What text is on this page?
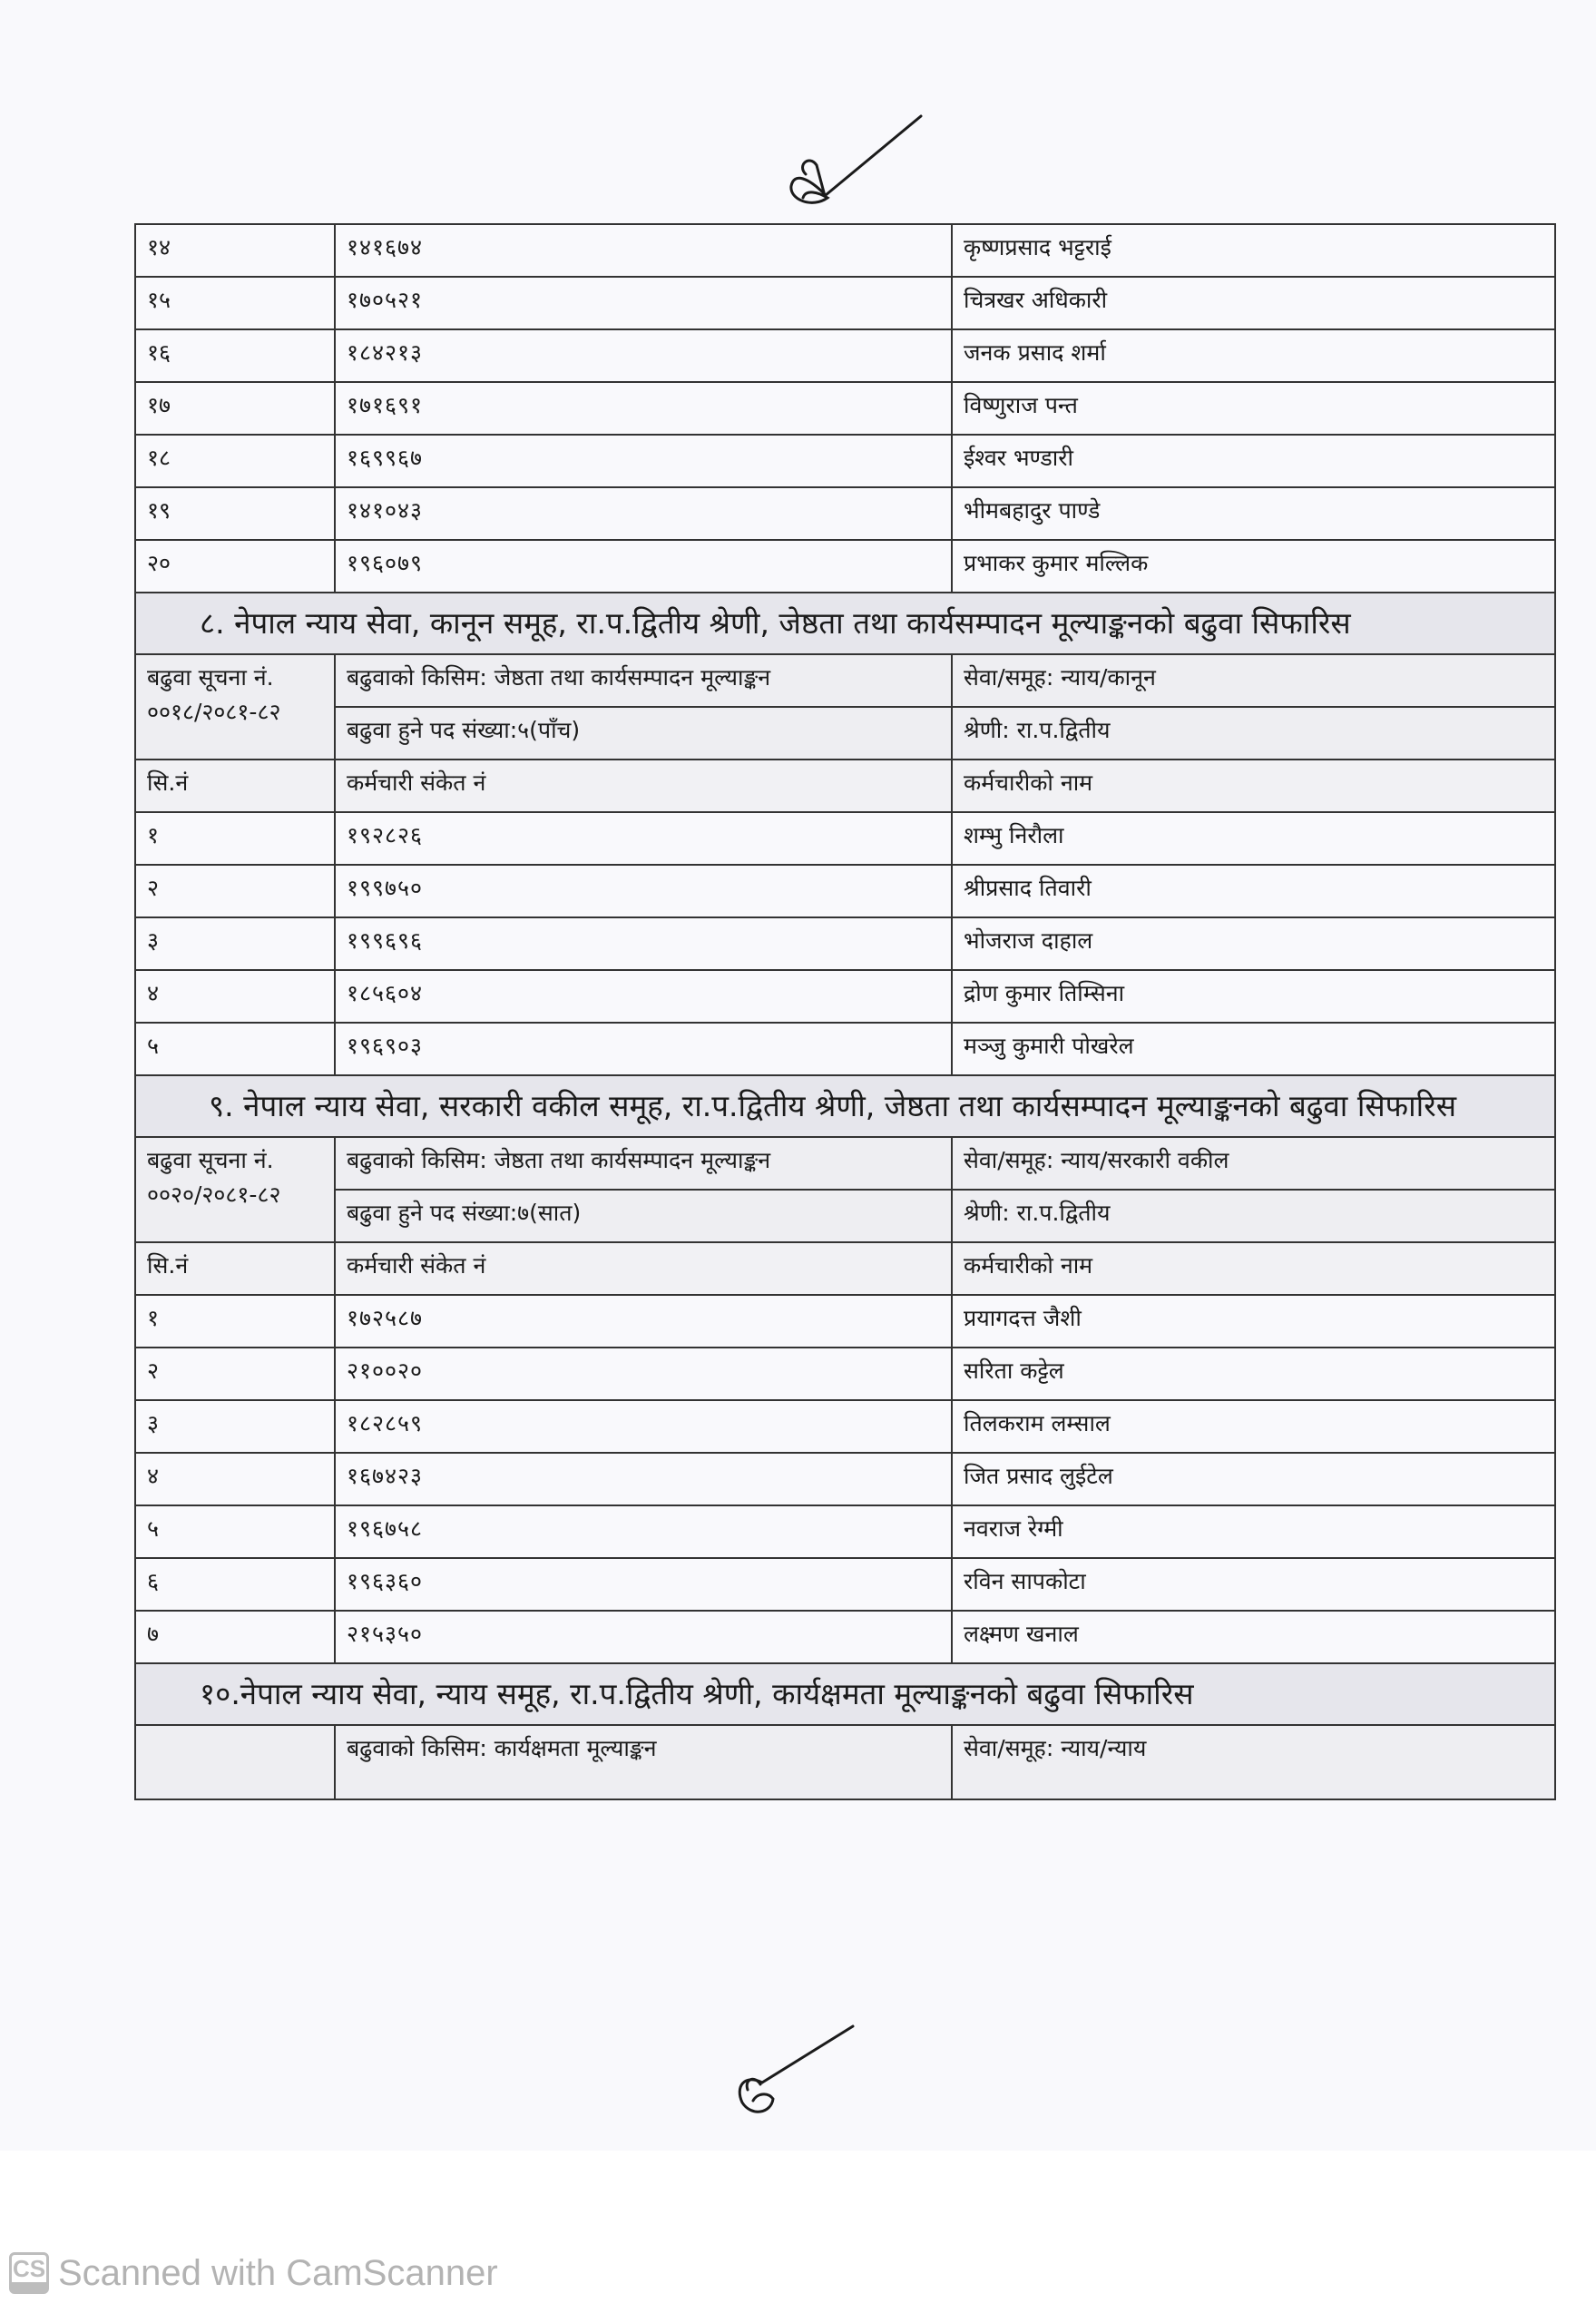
१४	१४१६७४	कृष्णप्रसाद भट्टराई
१५	१७०५२१	चित्रखर अधिकारी
१६	१८४२१३	जनक प्रसाद शर्मा
१७	१७१६९१	विष्णुराज पन्त
१८	१६९९६७	ईश्वर भण्डारी
१९	१४१०४३	भीमबहादुर पाण्डे
२०	१९६०७९	प्रभाकर कुमार मल्लिक
८. नेपाल न्याय सेवा, कानून समूह, रा.प.द्वितीय श्रेणी, जेष्ठता तथा कार्यसम्पादन मूल्याङ्कनको बढुवा सिफारिस		
बढुवा सूचना नं. ००१८/२०८१-८२	बढुवाको किसिम: जेष्ठता तथा कार्यसम्पादन मूल्याङ्कन	सेवा/समूह: न्याय/कानून
	बढुवा हुने पद संख्या:५(पाँच)	श्रेणी: रा.प.द्वितीय
सि.नं	कर्मचारी संकेत नं	कर्मचारीको नाम
१	१९२८२६	शम्भु निरौला
२	१९९७५०	श्रीप्रसाद तिवारी
३	१९९६९६	भोजराज दाहाल
४	१८५६०४	द्रोण कुमार तिम्सिना
५	१९६९०३	मञ्जु कुमारी पोखरेल
९. नेपाल न्याय सेवा, सरकारी वकील समूह, रा.प.द्वितीय श्रेणी, जेष्ठता तथा कार्यसम्पादन मूल्याङ्कनको बढुवा सिफारिस		
बढुवा सूचना नं. ००२०/२०८१-८२	बढुवाको किसिम: जेष्ठता तथा कार्यसम्पादन मूल्याङ्कन	सेवा/समूह: न्याय/सरकारी वकील
	बढुवा हुने पद संख्या:७(सात)	श्रेणी: रा.प.द्वितीय
सि.नं	कर्मचारी संकेत नं	कर्मचारीको नाम
१	१७२५८७	प्रयागदत्त जैशी
२	२१००२०	सरिता कट्टेल
३	१८२८५९	तिलकराम लम्साल
४	१६७४२३	जित प्रसाद लुईटेल
५	१९६७५८	नवराज रेग्मी
६	१९६३६०	रविन सापकोटा
७	२१५३५०	लक्ष्मण खनाल
१०.नेपाल न्याय सेवा, न्याय समूह, रा.प.द्वितीय श्रेणी, कार्यक्षमता मूल्याङ्कनको बढुवा सिफारिस		
	बढुवाको किसिम: कार्यक्षमता मूल्याङ्कन	सेवा/समूह: न्याय/न्याय
CS Scanned with CamScanner
